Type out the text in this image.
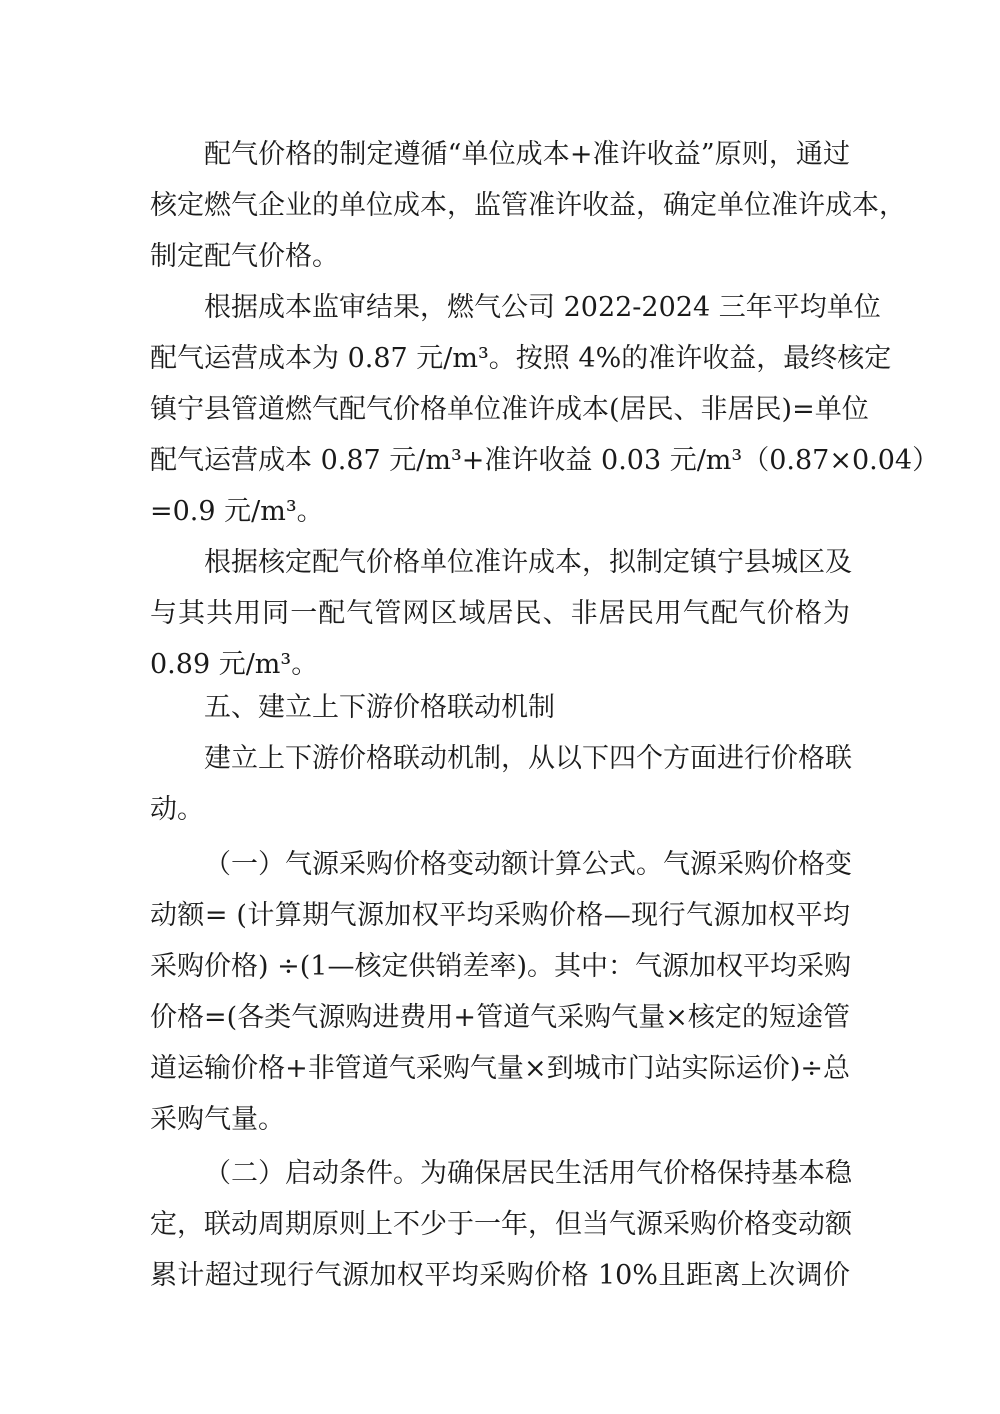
配气价格的制定遵循“单位成本+准许收益”原则，通过
核定燃气企业的单位成本，监管准许收益，确定单位准许成本，
制定配气价格。
根据成本监审结果，燃气公司 2022-2024 三年平均单位
配气运营成本为 0.87 元/m³。按照 4%的准许收益，最终核定
镇宁县管道燃气配气价格单位准许成本(居民、非居民)=单位
配气运营成本 0.87 元/m³+准许收益 0.03 元/m³（0.87×0.04）
=0.9 元/m³。
根据核定配气价格单位准许成本，拟制定镇宁县城区及
与其共用同一配气管网区域居民、非居民用气配气价格为
0.89 元/m³。
五、建立上下游价格联动机制
建立上下游价格联动机制，从以下四个方面进行价格联
动。
（一）气源采购价格变动额计算公式。气源采购价格变
动额= (计算期气源加权平均采购价格—现行气源加权平均
采购价格) ÷(1—核定供销差率)。其中：气源加权平均采购
价格=(各类气源购进费用+管道气采购气量×核定的短途管
道运输价格+非管道气采购气量×到城市门站实际运价)÷总
采购气量。
（二）启动条件。为确保居民生活用气价格保持基本稳
定，联动周期原则上不少于一年，但当气源采购价格变动额
累计超过现行气源加权平均采购价格 10%且距离上次调价
